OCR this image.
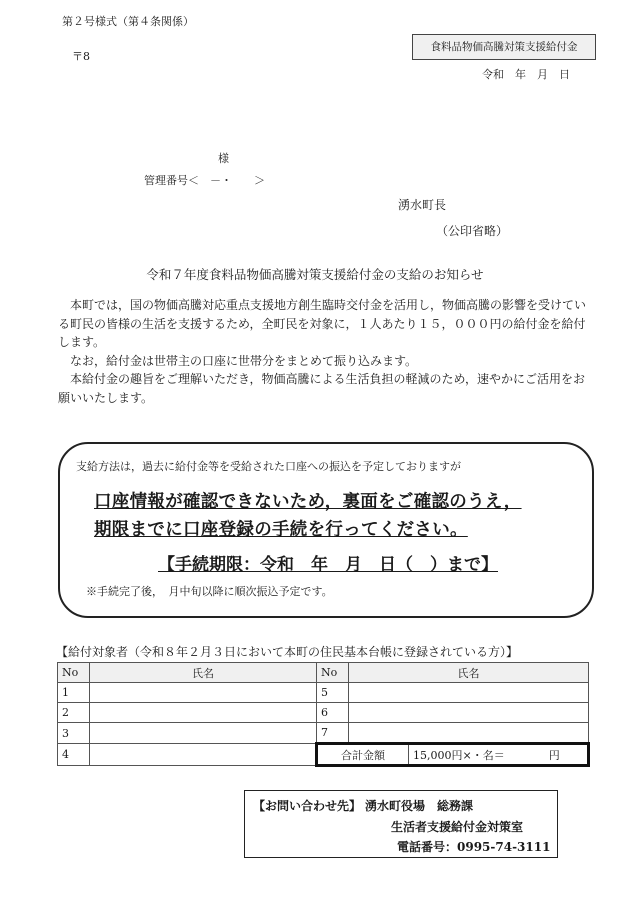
第２号様式（第４条関係）
〒8
食料品物価高騰対策支援給付金
令和　年　月　日
様
管理番号＜　－・　　＞
湧水町長
（公印省略）
令和７年度食料品物価高騰対策支援給付金の支給のお知らせ

　本町では，国の物価高騰対応重点支援地方創生臨時交付金を活用し，物価高騰の影響を受けている町民の皆様の生活を支援するため，全町民を対象に，１人あたり１５，０００円の給付金を給付します。

　なお，給付金は世帯主の口座に世帯分をまとめて振り込みます。

　本給付金の趣旨をご理解いただき，物価高騰による生活負担の軽減のため，速やかにご活用をお願いいたします。

支給方法は，過去に給付金等を受給された口座への振込を予定しておりますが
口座情報が確認できないため，裏面をご確認のうえ，
期限までに口座登録の手続を行ってください。
【手続期限：令和　年　月　日（　）まで】
※手続完了後，　月中旬以降に順次振込予定です。
【給付対象者（令和８年２月３日において本町の住民基本台帳に登録されている方）】
No	氏名	No	氏名	
1		5		
2		6		
3		7		
4		合計金額		15,000円×・名＝　　　　円
【お問い合わせ先】 湧水町役場　総務課
生活者支援給付金対策室
電話番号：0995-74-3111
